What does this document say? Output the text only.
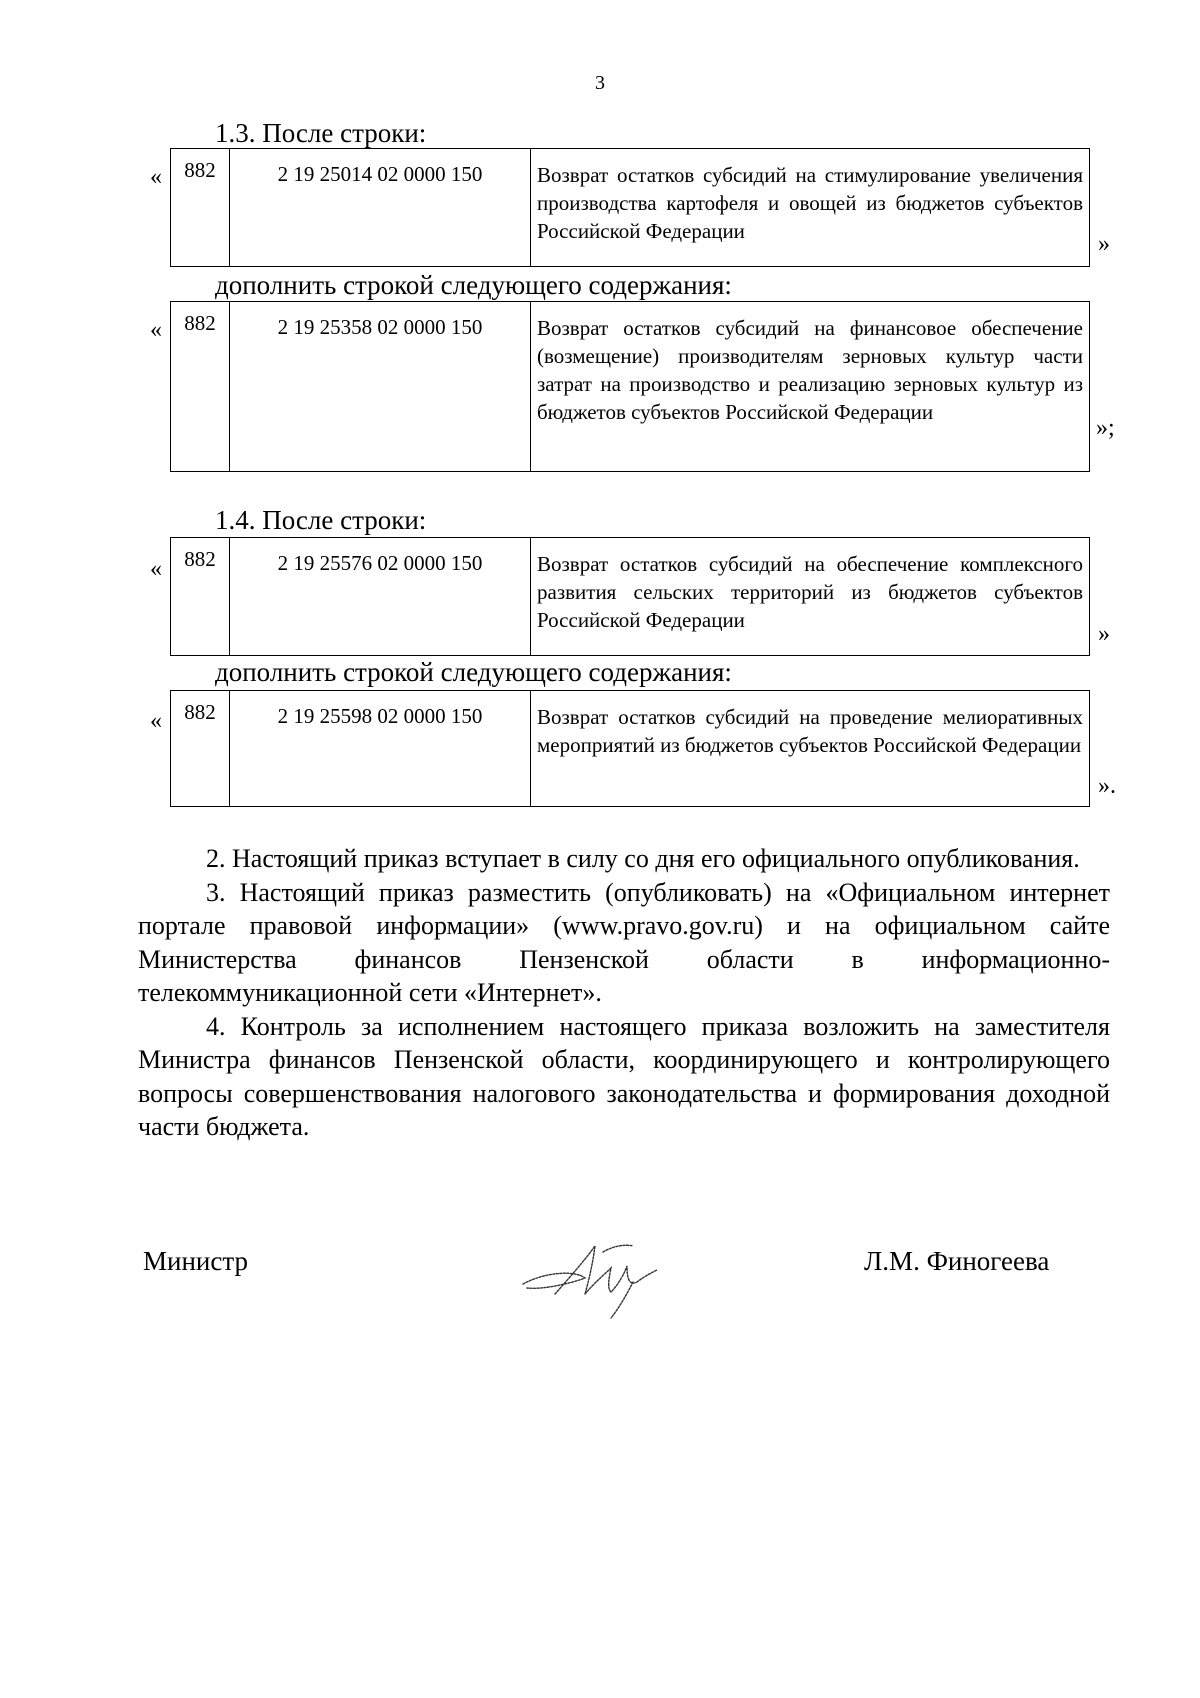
3
1.3. После строки:
« 882	2 19 25014 02 0000 150	Возврат остатков субсидий на стимулирование увеличения производства картофеля и овощей из бюджетов субъектов Российской Федерации	»
дополнить строкой следующего содержания:
« 882	2 19 25358 02 0000 150	Возврат остатков субсидий на финансовое обеспечение (возмещение) производителям зерновых культур части затрат на производство и реализацию зерновых культур из бюджетов субъектов Российской Федерации
»;
1.4. После строки:
« 882	2 19 25576 02 0000 150	Возврат остатков субсидий на обеспечение комплексного развития сельских территорий из бюджетов субъектов Российской Федерации
»
дополнить строкой следующего содержания:
« 882	2 19 25598 02 0000 150	Возврат остатков субсидий на проведение мелиоративных мероприятий из бюджетов субъектов Российской Федерации
».

2. Настоящий приказ вступает в силу со дня его официального опубликования.

3. Настоящий приказ разместить (опубликовать) на «Официальном интернет портале правовой информации» (www.pravo.gov.ru) и на официальном сайте Министерства финансов Пензенской области в информационно-телекоммуникационной сети «Интернет».

4. Контроль за исполнением настоящего приказа возложить на заместителя Министра финансов Пензенской области, координирующего и контролирующего вопросы совершенствования налогового законодательства и формирования доходной части бюджета.

Министр	Л.М. Финогеева
